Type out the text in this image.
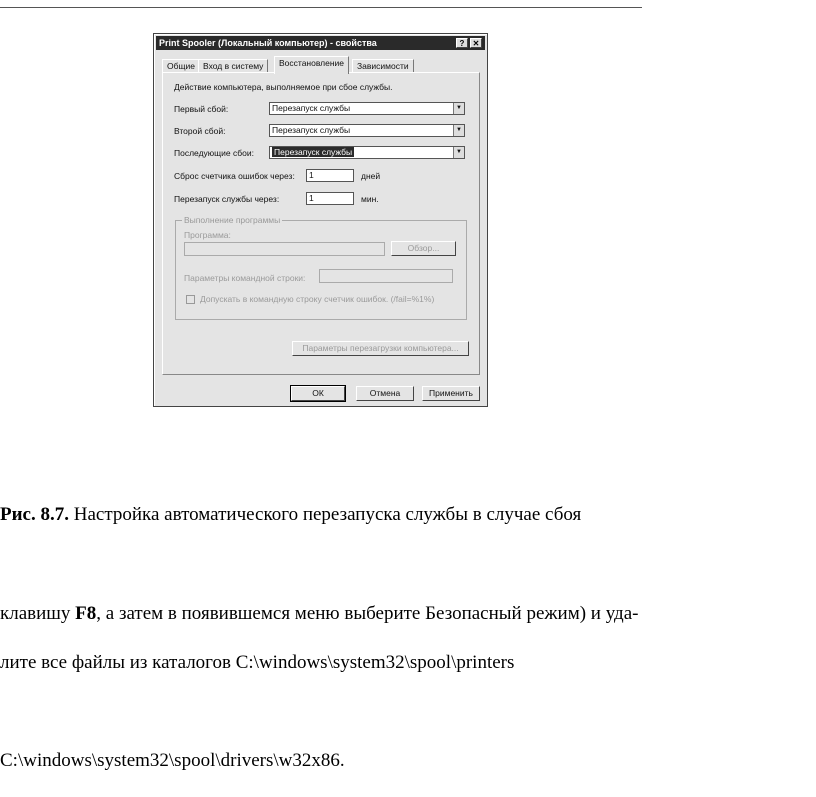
Print Spooler (Локальный компьютер) - свойства	?	✕
Общие Вход в систему	Восстановление	Зависимости
Действие компьютера, выполняемое при сбое службы.
Первый сбой:	Перезапуск службы	▼
Второй сбой:	Перезапуск службы	▼
Последующие сбои:	Перезапуск службы	▼
Сброс счетчика ошибок через:	1	дней
Перезапуск службы через:	1	мин.
Выполнение программы
Программа:
Обзор...
Параметры командной строки:
Допускать в командную строку счетчик ошибок. (/fail=%1%)
Параметры перезагрузки компьютера...
ОК	Отмена	Применить
Рис. 8.7. Настройка автоматического перезапуска службы в случае сбоя
клавишу F8, а затем в появившемся меню выберите Безопасный режим) и уда-
лите все файлы из каталогов C:\windows\system32\spool\printers
C:\windows\system32\spool\drivers\w32x86.
